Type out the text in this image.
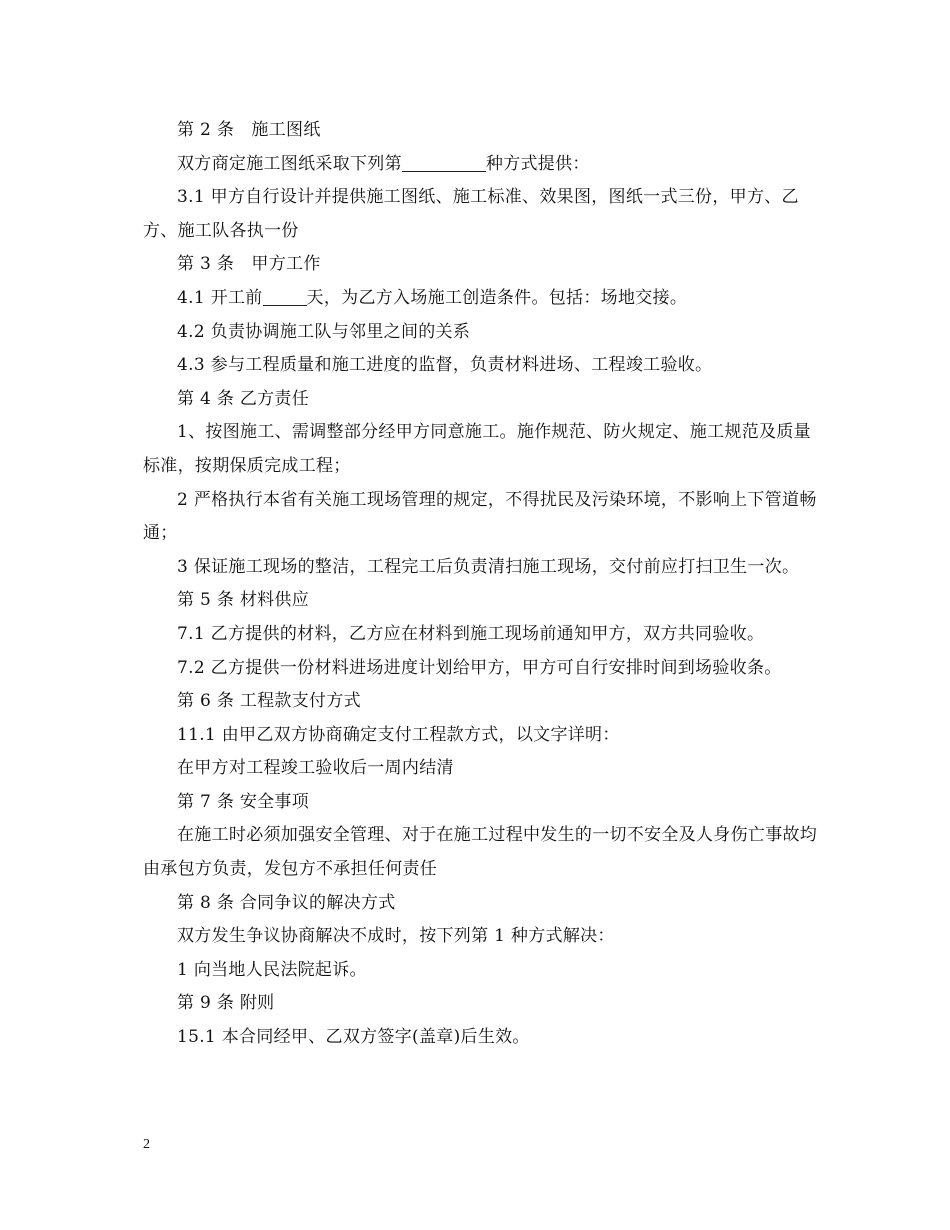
第 2 条　施工图纸

双方商定施工图纸采取下列第	种方式提供：

3.1 甲方自行设计并提供施工图纸、施工标准、效果图，图纸一式三份，甲方、乙方、施工队各执一份

第 3 条　甲方工作

4.1 开工前	天，为乙方入场施工创造条件。包括：场地交接。

4.2 负责协调施工队与邻里之间的关系

4.3 参与工程质量和施工进度的监督，负责材料进场、工程竣工验收。

第 4 条 乙方责任

1、按图施工、需调整部分经甲方同意施工。施作规范、防火规定、施工规范及质量标准，按期保质完成工程；

2 严格执行本省有关施工现场管理的规定，不得扰民及污染环境，不影响上下管道畅通；

3 保证施工现场的整洁，工程完工后负责清扫施工现场，交付前应打扫卫生一次。

第 5 条 材料供应

7.1 乙方提供的材料，乙方应在材料到施工现场前通知甲方，双方共同验收。

7.2 乙方提供一份材料进场进度计划给甲方，甲方可自行安排时间到场验收条。

第 6 条 工程款支付方式

11.1 由甲乙双方协商确定支付工程款方式，以文字详明：

在甲方对工程竣工验收后一周内结清

第 7 条 安全事项

在施工时必须加强安全管理、对于在施工过程中发生的一切不安全及人身伤亡事故均由承包方负责，发包方不承担任何责任

第 8 条 合同争议的解决方式

双方发生争议协商解决不成时，按下列第 1 种方式解决：

1 向当地人民法院起诉。

第 9 条 附则

15.1 本合同经甲、乙双方签字(盖章)后生效。

2
